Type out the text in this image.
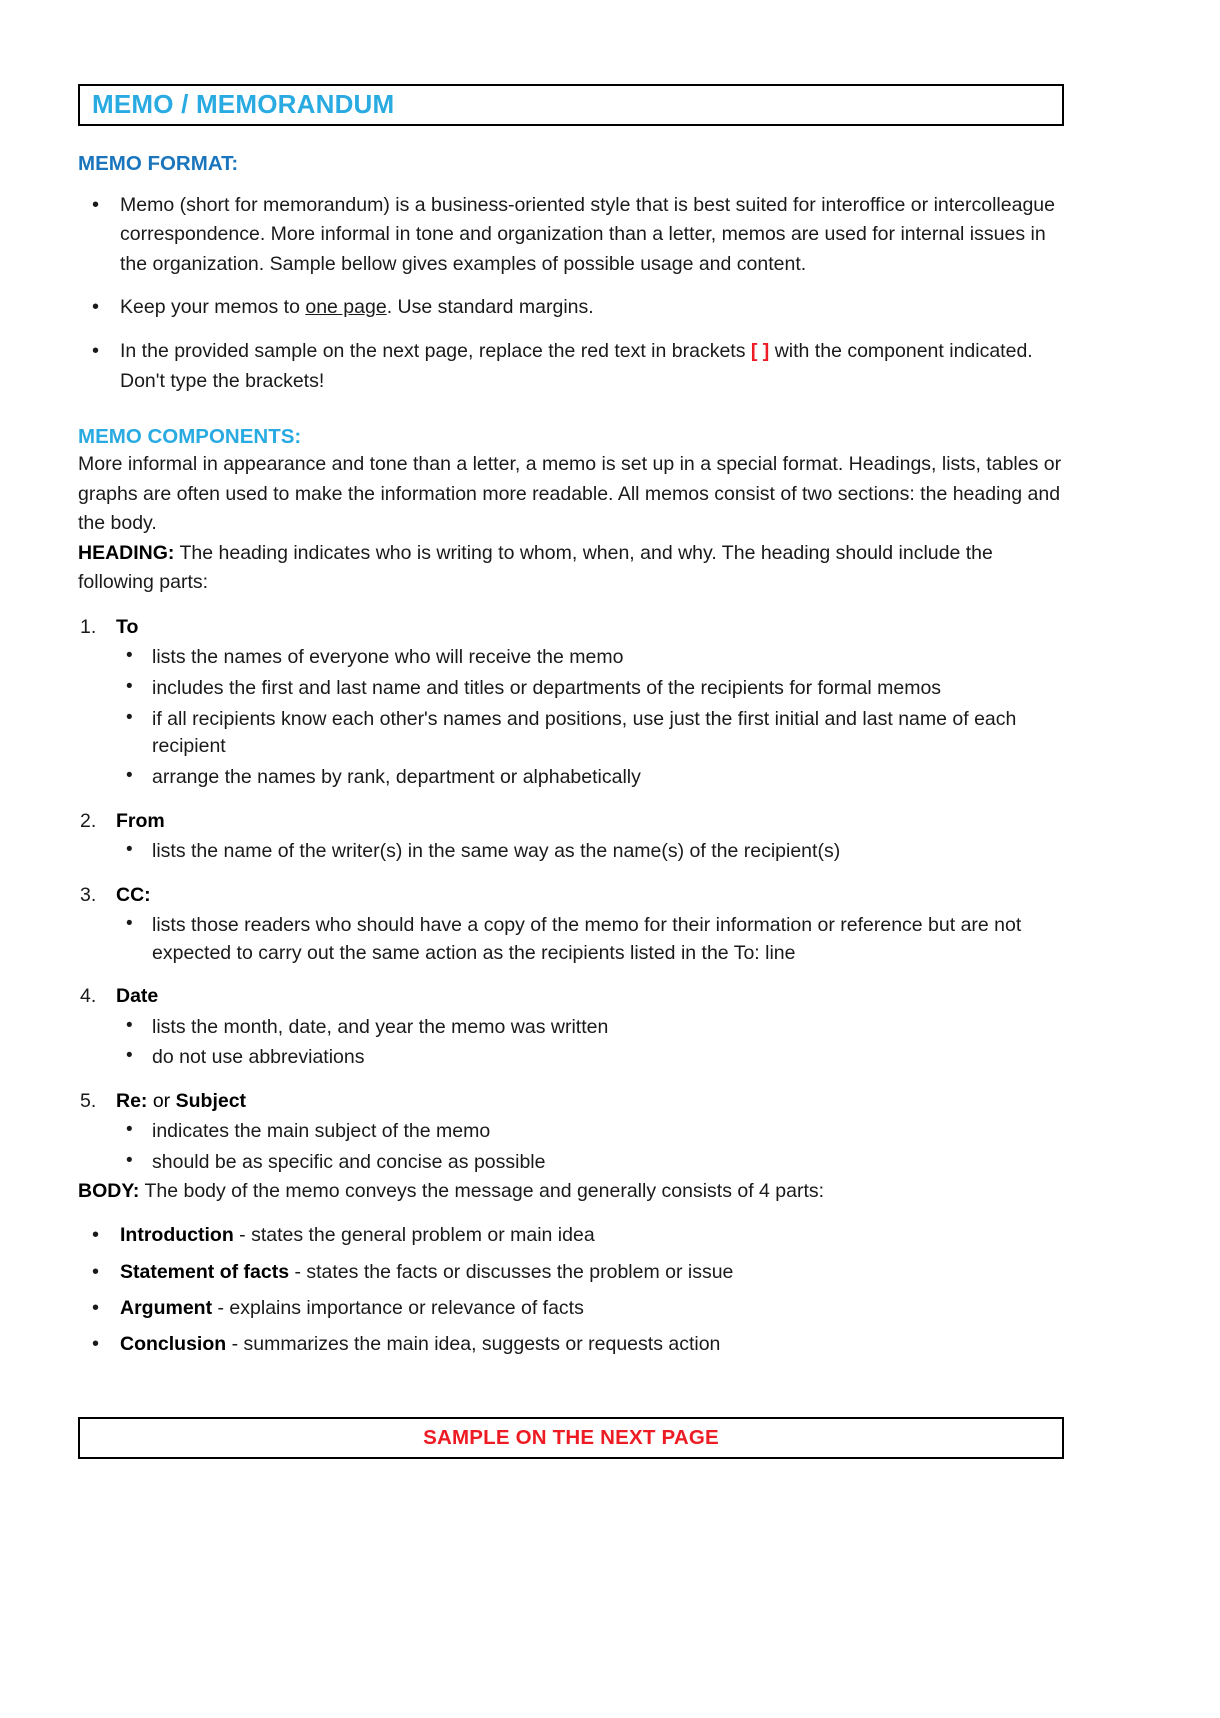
MEMO / MEMORANDUM
MEMO FORMAT:
• Memo (short for memorandum) is a business-oriented style that is best suited for interoffice or intercolleague correspondence. More informal in tone and organization than a letter, memos are used for internal issues in the organization. Sample bellow gives examples of possible usage and content.
• Keep your memos to one page. Use standard margins.
• In the provided sample on the next page, replace the red text in brackets [ ] with the component indicated. Don't type the brackets!
MEMO COMPONENTS:

More informal in appearance and tone than a letter, a memo is set up in a special format. Headings, lists, tables or graphs are often used to make the information more readable. All memos consist of two sections: the heading and the body.

HEADING: The heading indicates who is writing to whom, when, and why. The heading should include the following parts:

To
• lists the names of everyone who will receive the memo
• includes the first and last name and titles or departments of the recipients for formal memos
• if all recipients know each other's names and positions, use just the first initial and last name of each recipient
• arrange the names by rank, department or alphabetically
From
• lists the name of the writer(s) in the same way as the name(s) of the recipient(s)
CC:
• lists those readers who should have a copy of the memo for their information or reference but are not expected to carry out the same action as the recipients listed in the To: line
Date
• lists the month, date, and year the memo was written
• do not use abbreviations
Re: or Subject
• indicates the main subject of the memo
• should be as specific and concise as possible

BODY: The body of the memo conveys the message and generally consists of 4 parts:

• Introduction - states the general problem or main idea
• Statement of facts - states the facts or discusses the problem or issue
• Argument - explains importance or relevance of facts
• Conclusion - summarizes the main idea, suggests or requests action
SAMPLE ON THE NEXT PAGE
